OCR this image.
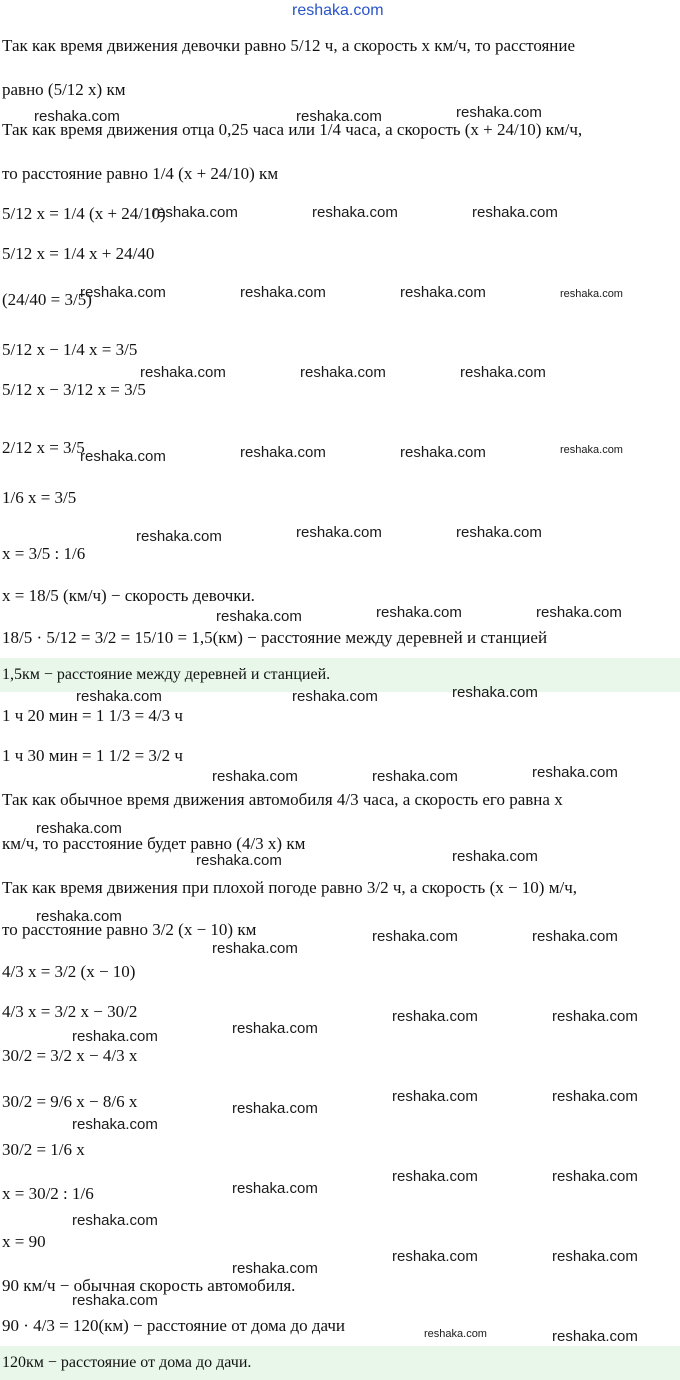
reshaka.com
Так как время движения девочки равно 5/12 ч, а скорость x км/ч, то расстояние
равно (5/12 x) км
Так как время движения отца 0,25 часа или 1/4 часа, а скорость (x + 24/10) км/ч,
то расстояние равно 1/4 (x + 24/10) км
5/12 x = 1/4 (x + 24/10)
5/12 x = 1/4 x + 24/40
(24/40 = 3/5)
5/12 x − 1/4 x = 3/5
5/12 x − 3/12 x = 3/5
2/12 x = 3/5
1/6 x = 3/5
x = 3/5 : 1/6
x = 18/5 (км/ч) − скорость девочки.
18/5 · 5/12 = 3/2 = 15/10 = 1,5(км) − расстояние между деревней и станцией
1 ч 20 мин = 1 1/3 = 4/3 ч
1 ч 30 мин = 1 1/2 = 3/2 ч
Так как обычное время движения автомобиля 4/3 часа, а скорость его равна x
км/ч, то расстояние будет равно (4/3 x) км
Так как время движения при плохой погоде равно 3/2 ч, а скорость (x − 10) м/ч,
то расстояние равно 3/2 (x − 10) км
4/3 x = 3/2 (x − 10)
4/3 x = 3/2 x − 30/2
30/2 = 3/2 x − 4/3 x
30/2 = 9/6 x − 8/6 x
30/2 = 1/6 x
x = 30/2 : 1/6
x = 90
90 км/ч − обычная скорость автомобиля.
90 · 4/3 = 120(км) − расстояние от дома до дачи
1,5км − расстояние между деревней и станцией.
120км − расстояние от дома до дачи.
reshaka.com	reshaka.com	reshaka.com
reshaka.com	reshaka.com	reshaka.com
reshaka.com	reshaka.com	reshaka.com	reshaka.com
reshaka.com	reshaka.com	reshaka.com
reshaka.com	reshaka.com	reshaka.com	reshaka.com
reshaka.com	reshaka.com	reshaka.com
reshaka.com	reshaka.com	reshaka.com
reshaka.com	reshaka.com	reshaka.com
reshaka.com	reshaka.com	reshaka.com
reshaka.com
reshaka.com	reshaka.com
reshaka.com
reshaka.com
reshaka.com	reshaka.com
reshaka.com	reshaka.com
reshaka.com	reshaka.com
reshaka.com
reshaka.com	reshaka.com
reshaka.com
reshaka.com
reshaka.com	reshaka.com
reshaka.com
reshaka.com
reshaka.com	reshaka.com
reshaka.com
reshaka.com	reshaka.com
